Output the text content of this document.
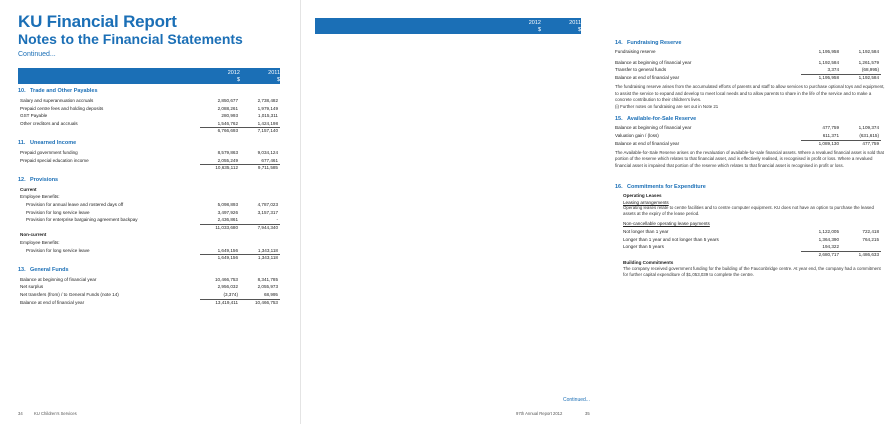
KU Financial Report
Notes to the Financial Statements
Continued...
2012	2011
$	$
10. Trade and Other Payables
Salary and superannuation accruals	2,850,677	2,738,482
Prepaid centre fees and holding deposits	2,088,261	1,979,149
GST Payable	280,993	1,015,311
Other creditors and accruals	1,546,762	1,424,198
6,766,693	7,157,140
11. Unearned Income
Prepaid government funding	8,579,863	9,034,124
Prepaid special education income	2,055,249	677,461
10,635,112	9,711,585
12. Provisions
Current
Employee Benefits:
Provision for annual leave and rostered days off	5,098,893	4,787,023
Provision for long service leave	3,497,926	3,157,317
Provision for enterprise bargaining agreement backpay	2,436,861	-
11,033,680	7,944,340
Non-current
Employee Benefits:
Provision for long service leave	1,649,156	1,343,118
1,649,156	1,343,118
13. General Funds
Balance at beginning of financial year	10,466,753	8,341,785
Net surplus	2,956,032	2,055,973
Net transfers (from) / to General Funds (note 14)	(3,374)	68,995
Balance at end of financial year	13,419,411	10,466,753
34	KU Children's Services
2012	2011
$	$
14. Fundraising Reserve
Fundraising reserve	1,195,958	1,192,584
Balance at beginning of financial year	1,192,584	1,261,579
Transfer to general funds	3,374	(68,995)
Balance at end of financial year	1,195,958	1,192,584
The fundraising reserve arises from the accumulated efforts of parents and staff to allow services to purchase optional toys and equipment, to assist the service to expand and develop to meet local needs and to allow parents to share in the life of the service and to make a concrete contribution to their children's lives.
(i) Further notes on fundraising are set out in Note 21
15. Available-for-Sale Reserve
Balance at beginning of financial year	477,759	1,109,374
Valuation gain / (loss)	611,371	(631,615)
Balance at end of financial year	1,089,130	477,759
The Available-for-Sale Reserve arises on the revaluation of available-for-sale financial assets. Where a revalued financial asset is sold that portion of the reserve which relates to that financial asset, and is effectively realised, is recognised in profit or loss. Where a revalued financial asset is impaired that portion of the reserve which relates to that financial asset is recognised in profit or loss.
16. Commitments for Expenditure
Operating Leases
Leasing arrangements
Operating leases relate to centre facilities and to centre computer equipment. KU does not have an option to purchase the leased assets at the expiry of the lease period.
Non-cancellable operating lease payments
Not longer than 1 year	1,122,005	722,418
Longer than 1 year and not longer than 5 years	1,364,390	764,215
Longer than 5 years	194,322
2,680,717	1,486,633
Building Commitments
The company received government funding for the building of the Fauconbridge centre. At year end, the company had a commitment for further capital expenditure of $1,053,039 to complete the centre.
97th Annual Report 2012	35
Continued...
